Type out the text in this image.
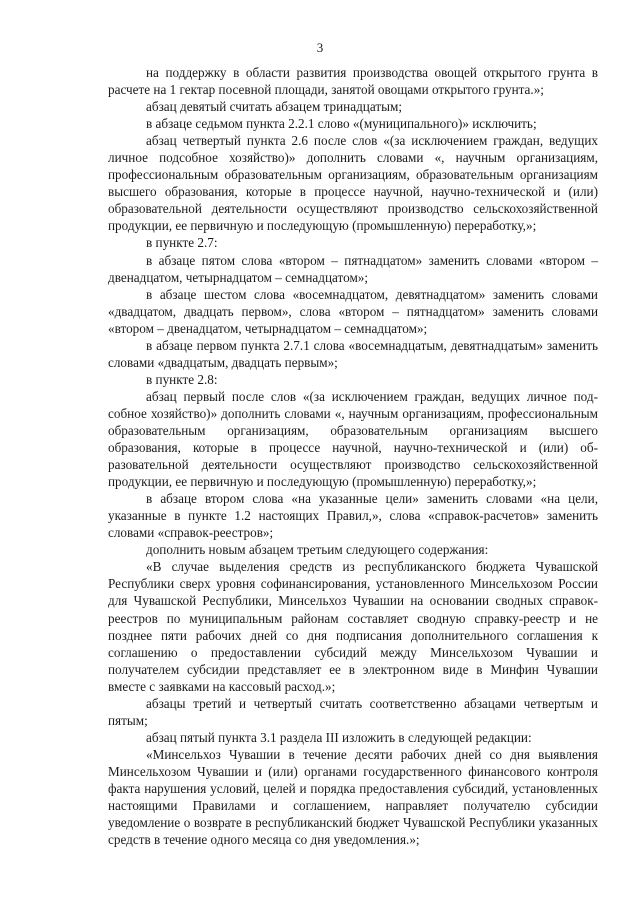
3

на поддержку в области развития производства овощей открытого грунта в расчете на 1 гектар посевной площади, занятой овощами открытого грунта.»;

абзац девятый считать абзацем тринадцатым;

в абзаце седьмом пункта 2.2.1 слово «(муниципального)» исключить;

абзац четвертый пункта 2.6 после слов «(за исключением граждан, ведущих личное подсобное хозяйство)» дополнить словами «, научным организациям, профессиональным образовательным организациям, образовательным организациям высшего образования, которые в процессе научной, научно-технической и (или) образовательной деятельности осуществляют производство сельскохозяйственной продукции, ее первичную и последующую (промышленную) переработку,»;

в пункте 2.7:

в абзаце пятом слова «втором – пятнадцатом» заменить словами «втором – двенадцатом, четырнадцатом – семнадцатом»;

в абзаце шестом слова «восемнадцатом, девятнадцатом» заменить словами «двадцатом, двадцать первом», слова «втором – пятнадцатом» заменить словами «втором – двенадцатом, четырнадцатом – семнадцатом»;

в абзаце первом пункта 2.7.1 слова «восемнадцатым, девятнадцатым» заменить словами «двадцатым, двадцать первым»;

в пункте 2.8:

абзац первый после слов «(за исключением граждан, ведущих личное подсобное хозяйство)» дополнить словами «, научным организациям, профессиональным образовательным организациям, образовательным организациям высшего образования, которые в процессе научной, научно-технической и (или) образовательной деятельности осуществляют производство сельскохозяйственной продукции, ее первичную и последующую (промышленную) переработку,»;

в абзаце втором слова «на указанные цели» заменить словами «на цели, указанные в пункте 1.2 настоящих Правил,», слова «справок-расчетов» заменить словами «справок-реестров»;

дополнить новым абзацем третьим следующего содержания:

«В случае выделения средств из республиканского бюджета Чувашской Республики сверх уровня софинансирования, установленного Минсельхозом России для Чувашской Республики, Минсельхоз Чувашии на основании сводных справок-реестров по муниципальным районам составляет сводную справку-реестр и не позднее пяти рабочих дней со дня подписания дополнительного соглашения к соглашению о предоставлении субсидий между Минсельхозом Чувашии и получателем субсидии представляет ее в электронном виде в Минфин Чувашии вместе с заявками на кассовый расход.»;

абзацы третий и четвертый считать соответственно абзацами четвертым и пятым;

абзац пятый пункта 3.1 раздела III изложить в следующей редакции:

«Минсельхоз Чувашии в течение десяти рабочих дней со дня выявления Минсельхозом Чувашии и (или) органами государственного финансового контроля факта нарушения условий, целей и порядка предоставления субсидий, установленных настоящими Правилами и соглашением, направляет получателю субсидии уведомление о возврате в республиканский бюджет Чувашской Республики указанных средств в течение одного месяца со дня уведомления.»;
